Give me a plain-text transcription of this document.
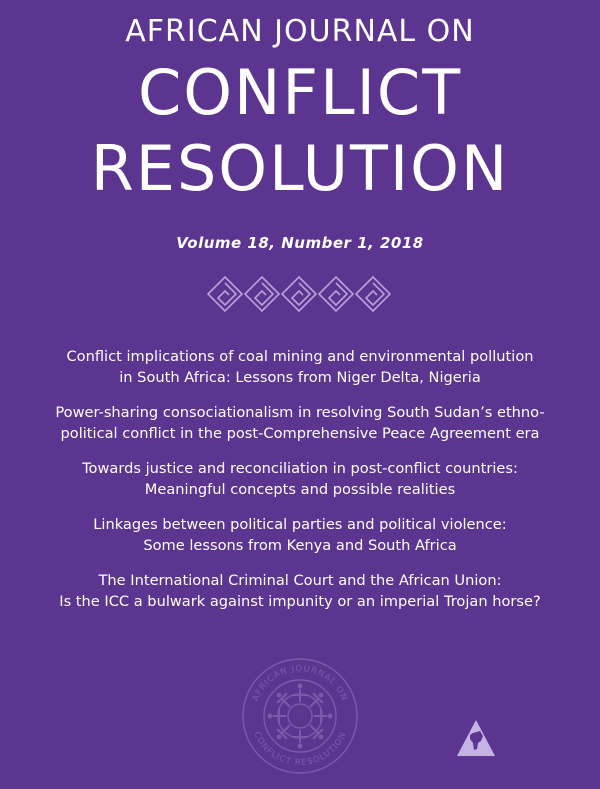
AFRICAN JOURNAL ON
CONFLICT
RESOLUTION
Volume 18, Number 1, 2018
Conflict implications of coal mining and environmental pollution
in South Africa: Lessons from Niger Delta, Nigeria
Power-sharing consociationalism in resolving South Sudan’s ethno-
political conflict in the post-Comprehensive Peace Agreement era
Towards justice and reconciliation in post-conflict countries:
Meaningful concepts and possible realities
Linkages between political parties and political violence:
Some lessons from Kenya and South Africa
The International Criminal Court and the African Union:
Is the ICC a bulwark against impunity or an imperial Trojan horse?
AFRICAN JOURNAL ON
CONFLICT RESOLUTION
